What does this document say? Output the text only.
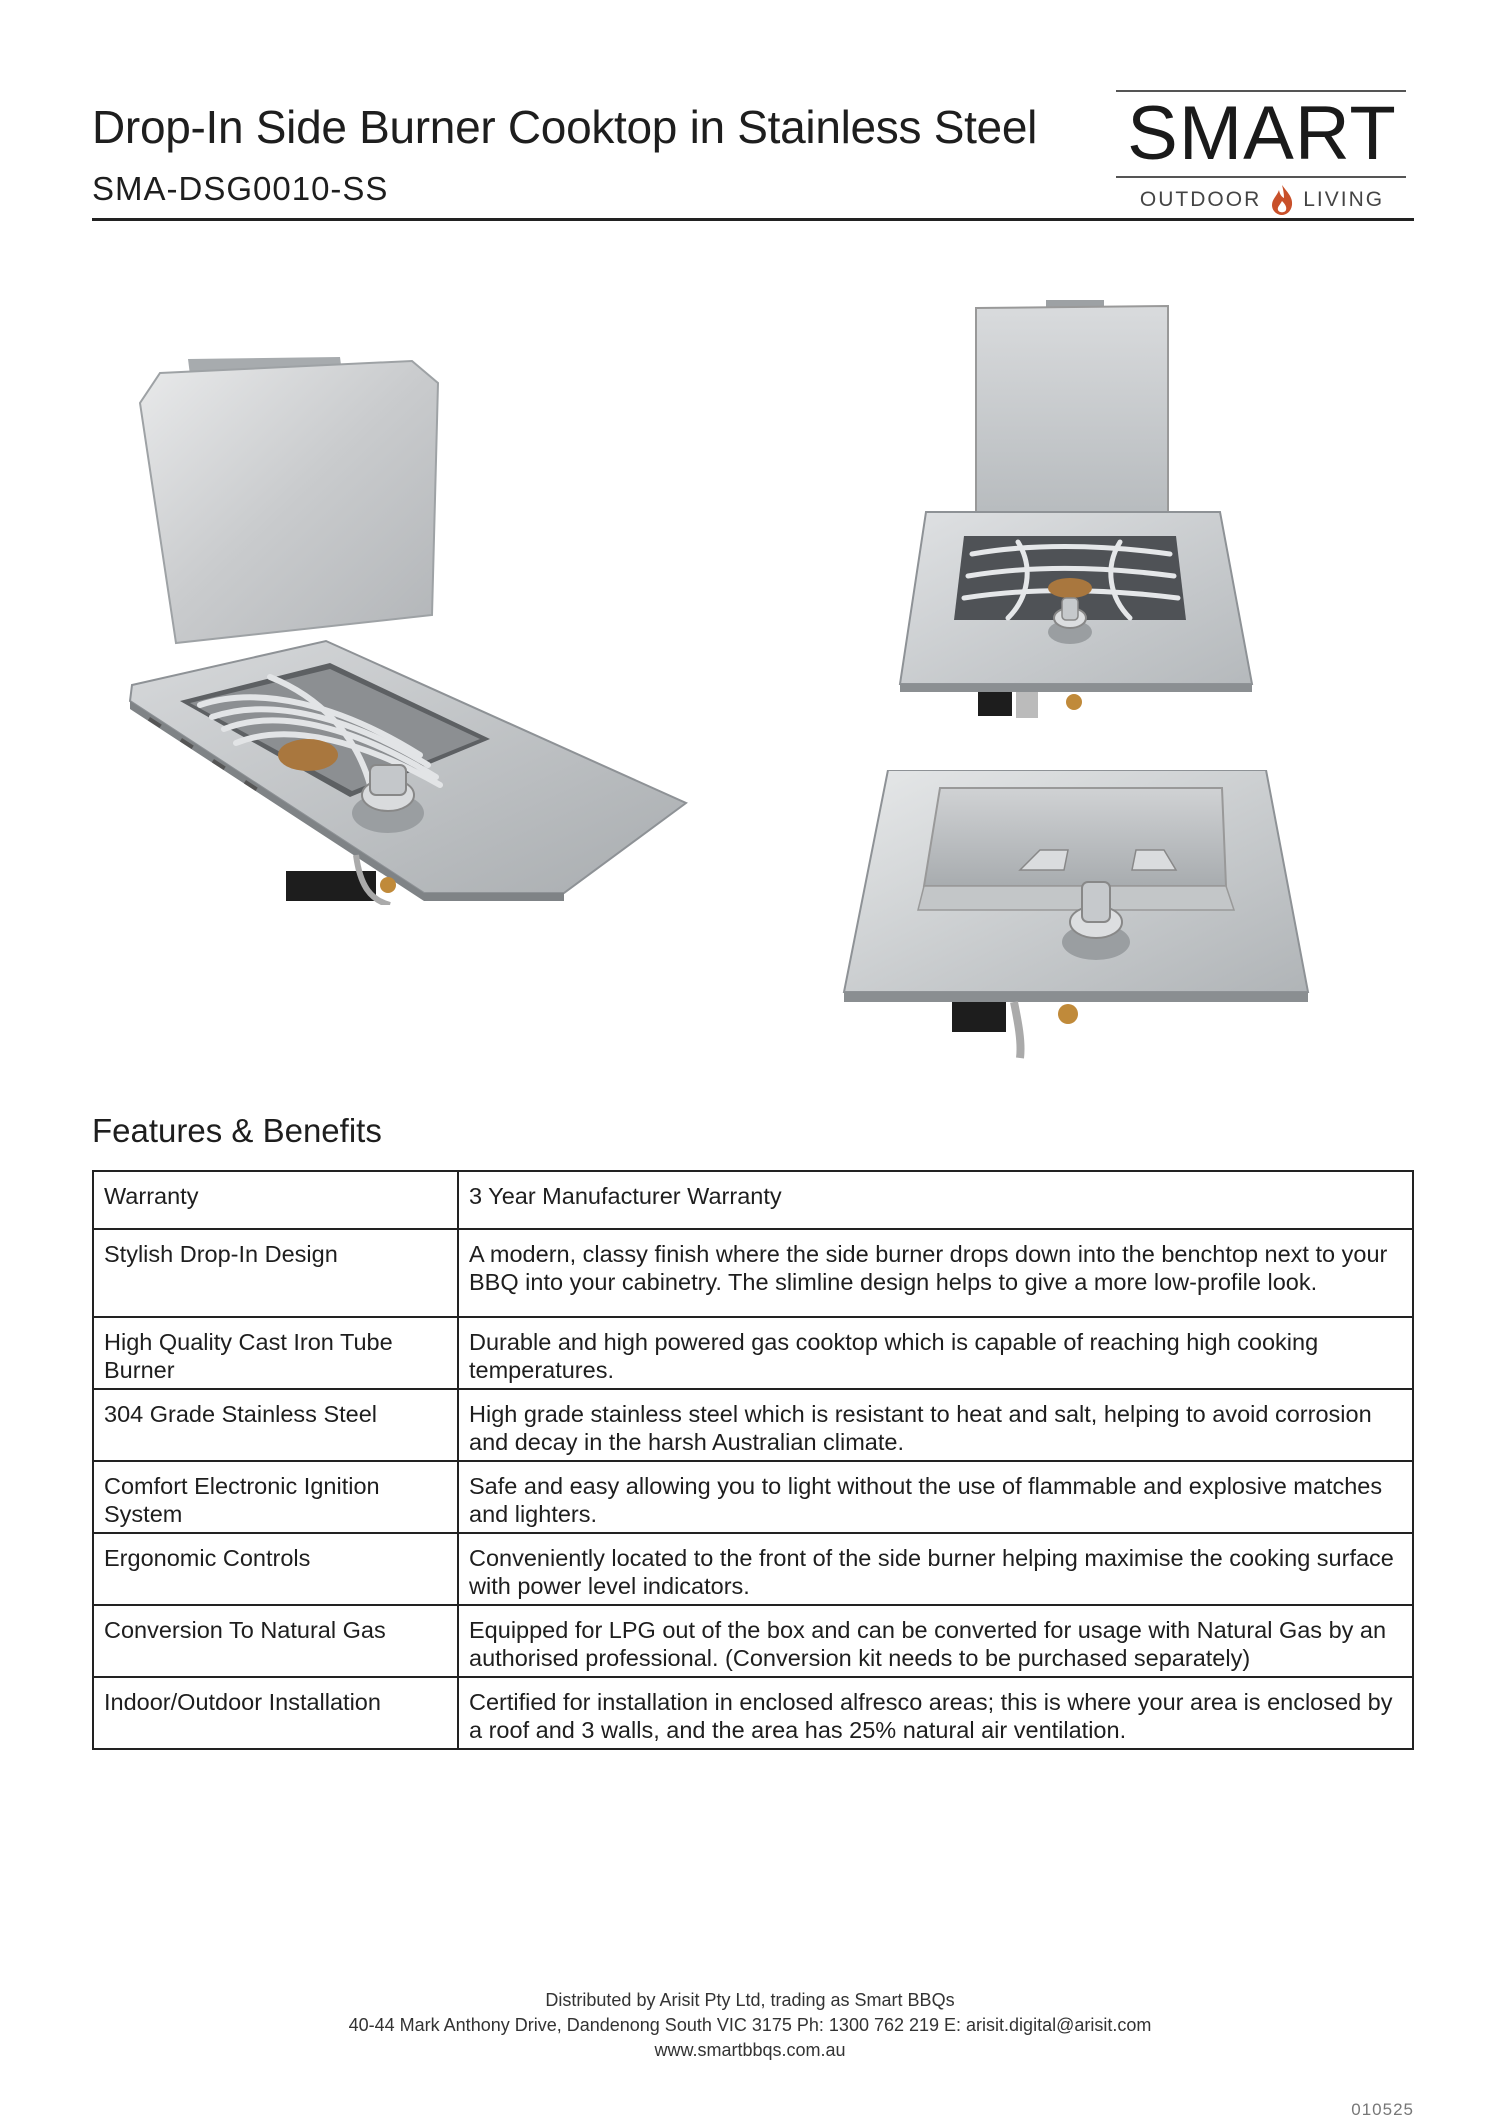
Drop-In Side Burner Cooktop in Stainless Steel
SMA-DSG0010-SS
SMART
OUTDOOR LIVING
Features & Benefits
Warranty	3 Year Manufacturer Warranty
Stylish Drop-In Design	A modern, classy finish where the side burner drops down into the benchtop next to your BBQ into your cabinetry. The slimline design helps to give a more low-profile look.
High Quality Cast Iron Tube Burner	Durable and high powered gas cooktop which is capable of reaching high cooking temperatures.
304 Grade Stainless Steel	High grade stainless steel which is resistant to heat and salt, helping to avoid corrosion and decay in the harsh Australian climate.
Comfort Electronic Ignition System	Safe and easy allowing you to light without the use of flammable and explosive matches and lighters.
Ergonomic Controls	Conveniently located to the front of the side burner helping maximise the cooking surface with power level indicators.
Conversion To Natural Gas	Equipped for LPG out of the box and can be converted for usage with Natural Gas by an authorised professional. (Conversion kit needs to be purchased separately)
Indoor/Outdoor Installation	Certified for installation in enclosed alfresco areas; this is where your area is enclosed by a roof and 3 walls, and the area has 25% natural air ventilation.
Distributed by Arisit Pty Ltd, trading as Smart BBQs
40-44 Mark Anthony Drive, Dandenong South VIC 3175 Ph: 1300 762 219 E: arisit.digital@arisit.com
www.smartbbqs.com.au
010525
